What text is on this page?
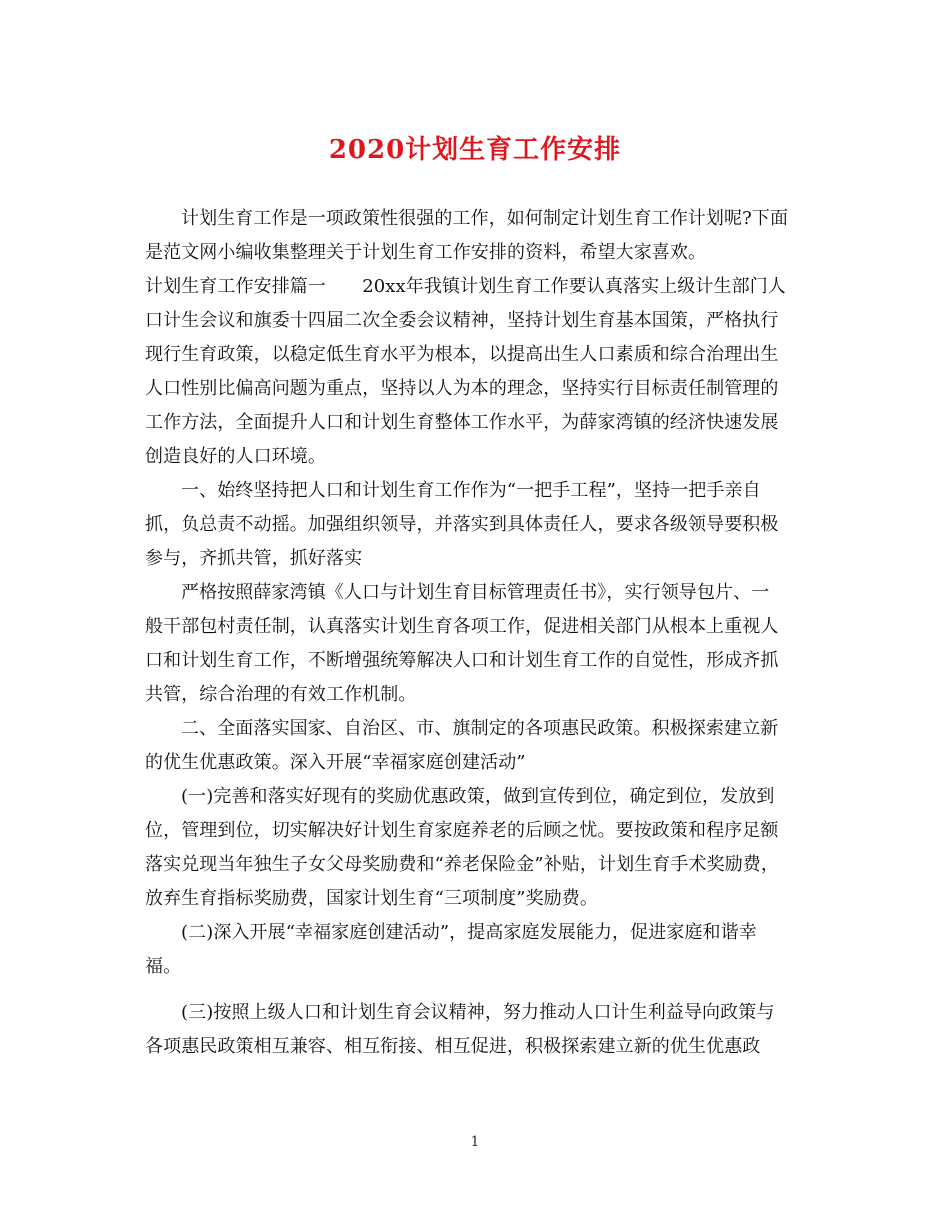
2020计划生育工作安排
计划生育工作是一项政策性很强的工作，如何制定计划生育工作计划呢?下面
是范文网小编收集整理关于计划生育工作安排的资料，希望大家喜欢。
计划生育工作安排篇一　　20xx年我镇计划生育工作要认真落实上级计生部门人
口计生会议和旗委十四届二次全委会议精神，坚持计划生育基本国策，严格执行
现行生育政策，以稳定低生育水平为根本，以提高出生人口素质和综合治理出生
人口性别比偏高问题为重点，坚持以人为本的理念，坚持实行目标责任制管理的
工作方法，全面提升人口和计划生育整体工作水平，为薛家湾镇的经济快速发展
创造良好的人口环境。
一、始终坚持把人口和计划生育工作作为“一把手工程”，坚持一把手亲自
抓，负总责不动摇。加强组织领导，并落实到具体责任人，要求各级领导要积极
参与，齐抓共管，抓好落实
严格按照薛家湾镇《人口与计划生育目标管理责任书》，实行领导包片、一
般干部包村责任制，认真落实计划生育各项工作，促进相关部门从根本上重视人
口和计划生育工作，不断增强统筹解决人口和计划生育工作的自觉性，形成齐抓
共管，综合治理的有效工作机制。
二、全面落实国家、自治区、市、旗制定的各项惠民政策。积极探索建立新
的优生优惠政策。深入开展“幸福家庭创建活动”
(一)完善和落实好现有的奖励优惠政策，做到宣传到位，确定到位，发放到
位，管理到位，切实解决好计划生育家庭养老的后顾之忧。要按政策和程序足额
落实兑现当年独生子女父母奖励费和“养老保险金”补贴，计划生育手术奖励费，
放弃生育指标奖励费，国家计划生育“三项制度”奖励费。
(二)深入开展“幸福家庭创建活动”，提高家庭发展能力，促进家庭和谐幸
福。
(三)按照上级人口和计划生育会议精神，努力推动人口计生利益导向政策与
各项惠民政策相互兼容、相互衔接、相互促进，积极探索建立新的优生优惠政
1
